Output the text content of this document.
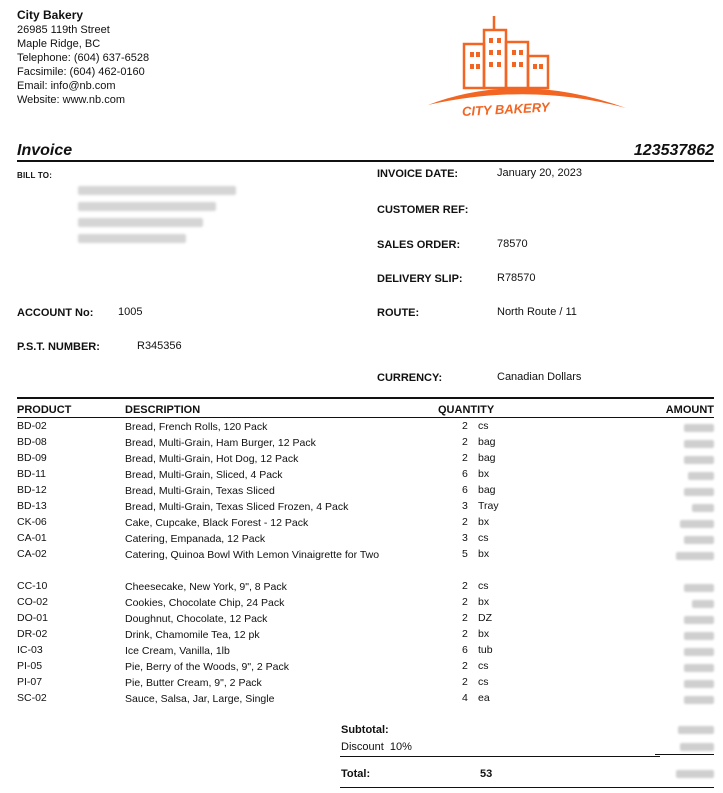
City Bakery
26985 119th Street
Maple Ridge, BC
Telephone: (604) 637-6528
Facsimile: (604) 462-0160
Email: info@nb.com
Website: www.nb.com	CITY BAKERY
Invoice	123537862
BILL TO:	INVOICE DATE:	January 20, 2023
CUSTOMER REF:
SALES ORDER:	78570
DELIVERY SLIP:	R78570
ACCOUNT No: 1005	ROUTE:	North Route / 11
P.S.T. NUMBER:	R345356
CURRENCY:	Canadian Dollars
PRODUCT	DESCRIPTION	QUANTITY	AMOUNT
BD-02	Bread, French Rolls, 120 Pack	2 cs
BD-08	Bread, Multi-Grain, Ham Burger, 12 Pack	2 bag
BD-09	Bread, Multi-Grain, Hot Dog, 12 Pack	2 bag
BD-11	Bread, Multi-Grain, Sliced, 4 Pack	6 bx
BD-12	Bread, Multi-Grain, Texas Sliced	6 bag
BD-13	Bread, Multi-Grain, Texas Sliced Frozen, 4 Pack	3 Tray
CK-06	Cake, Cupcake, Black Forest - 12 Pack	2 bx
CA-01	Catering, Empanada, 12 Pack	3 cs
CA-02	Catering, Quinoa Bowl With Lemon Vinaigrette for Two	5 bx
CC-10	Cheesecake, New York, 9", 8 Pack	2 cs
CO-02	Cookies, Chocolate Chip, 24 Pack	2 bx
DO-01	Doughnut, Chocolate, 12 Pack	2 DZ
DR-02	Drink, Chamomile Tea, 12 pk	2 bx
IC-03	Ice Cream, Vanilla, 1lb	6 tub
PI-05	Pie, Berry of the Woods, 9", 2 Pack	2 cs
PI-07	Pie, Butter Cream, 9", 2 Pack	2 cs
SC-02	Sauce, Salsa, Jar, Large, Single	4 ea
Subtotal:
Discount 10%
Total:	53
